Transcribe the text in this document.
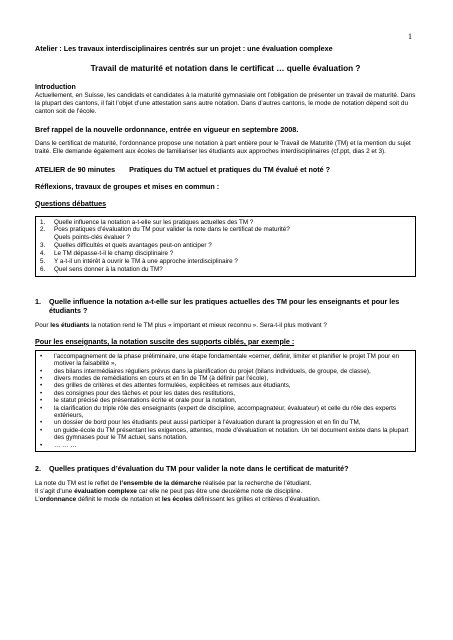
1

Atelier : Les travaux interdisciplinaires centrés sur un projet : une évaluation complexe

Travail de maturité et notation dans le certificat … quelle évaluation ?

Introduction

Actuellement, en Suisse, les candidats et candidates à la maturité gymnasiale ont l’obligation de présenter un travail de maturité. Dans la plupart des cantons, il fait l’objet d’une attestation sans autre notation. Dans d’autres cantons, le mode de notation dépend soit du canton soit de l’école.

Bref rappel de la nouvelle ordonnance, entrée en vigueur en septembre 2008.

Dans le certificat de maturité, l’ordonnance propose une notation à part entière pour le Travail de Maturité (TM) et la mention du sujet traité. Elle demande également aux écoles de familiariser les étudiants aux approches interdisciplinaires (cf.ppt, dias 2 et 3).

ATELIER de 90 minutes Pratiques du TM actuel et pratiques du TM évalué et noté ?

Réflexions, travaux de groupes et mises en commun :

Questions débattues

1.	Quelle influence la notation a-t-elle sur les pratiques actuelles des TM ?
2.	Pces pratiques d’évaluation du TM pour valider la note dans le certificat de maturité?
Quels points-clés évaluer ?
3.	Quelles difficultés et quels avantages peut-on anticiper ?
4.	Le TM dépasse-t-il le champ disciplinaire ?
5.	Y a-t-il un intérêt à ouvrir le TM à une approche interdisciplinaire ?
6.	Quel sens donner à la notation du TM?
1.	Quelle influence la notation a-t-elle sur les pratiques actuelles des TM pour les enseignants et pour les étudiants ?

Pour les étudiants la notation rend le TM plus « important et mieux reconnu ». Sera-t-il plus motivant ?

Pour les enseignants, la notation suscite des supports ciblés, par exemple :

•	l’accompagnement de la phase préliminaire, une étape fondamentale «cerner, définir, limiter et planifier le projet TM pour en motiver la faisabilité »,
•	des bilans intermédiaires réguliers prévus dans la planification du projet (bilans individuels, de groupe, de classe),
•	divers modes de remédiations en cours et en fin de TM (à définir par l’école),
•	des grilles de critères et des attentes formulées, explicitées et remises aux étudiants,
•	des consignes pour des tâches et pour les dates des restitutions,
•	le statut précisé des présentations écrite et orale pour la notation,
•	la clarification du triple rôle des enseignants (expert de discipline, accompagnateur, évaluateur) et celle du rôle des experts extérieurs,
•	un dossier de bord pour les étudiants peut aussi participer à l’évaluation durant la progression et en fin du TM,
•	un guide-école du TM présentant les exigences, attentes, mode d’évaluation et notation. Un tel document existe dans la plupart des gymnases pour le TM actuel, sans notation.
•	… … …
2.	Quelles pratiques d’évaluation du TM pour valider la note dans le certificat de maturité?

La note du TM est le reflet de l’ensemble de la démarche réalisée par la recherche de l’étudiant.

Il s’agit d’une évaluation complexe car elle ne peut pas être une deuxième note de discipline.

L’ordonnance définit le mode de notation et les écoles définissent les grilles et critères d’évaluation.
